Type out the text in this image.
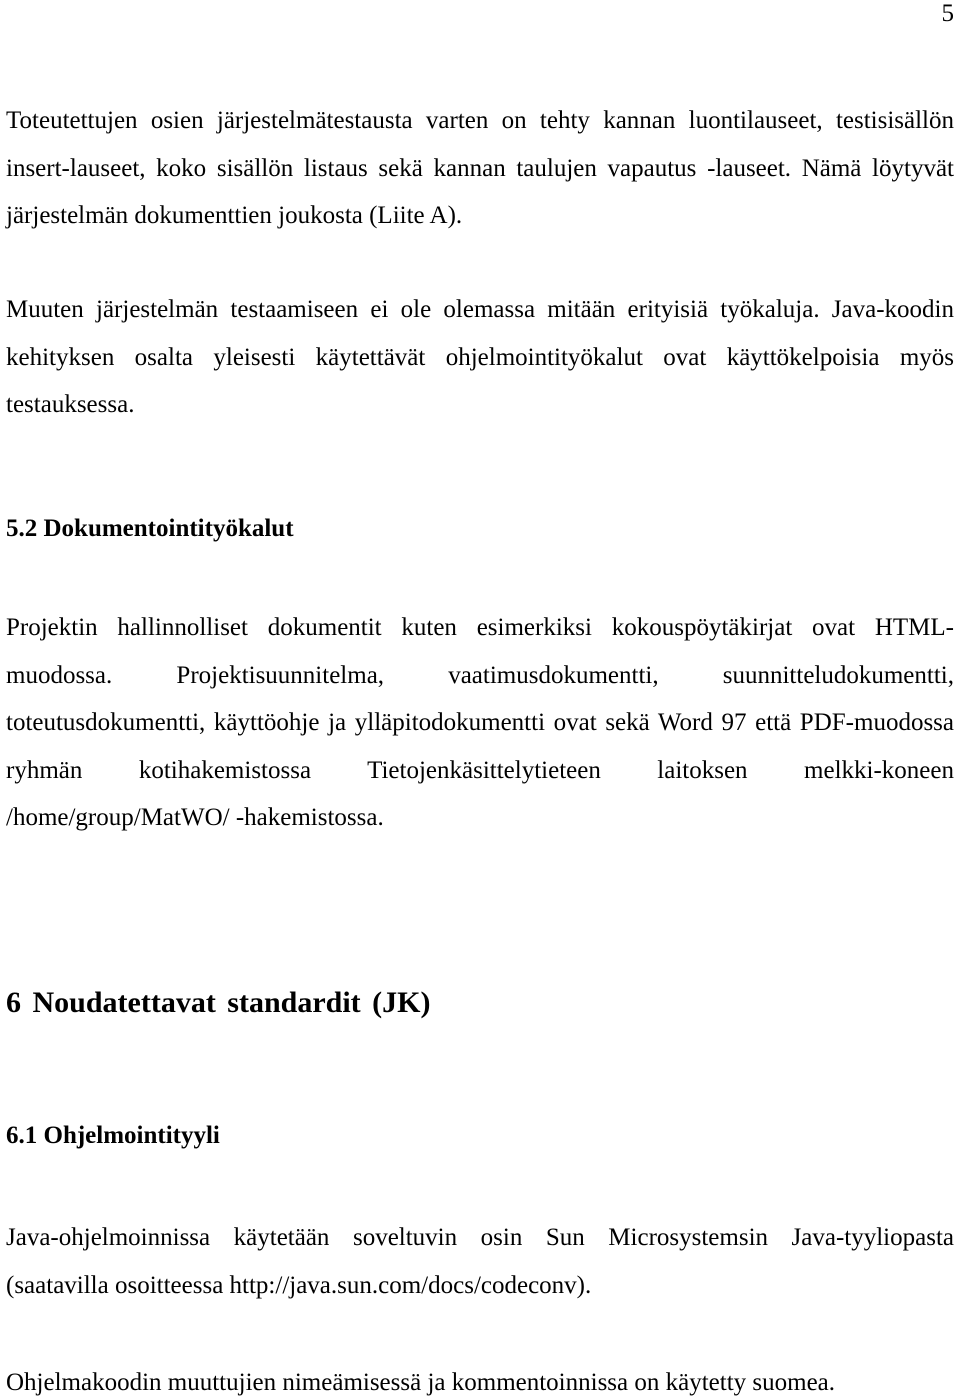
5

Toteutettujen osien järjestelmätestausta varten on tehty kannan luontilauseet, testisisällön insert-lauseet, koko sisällön listaus sekä kannan taulujen vapautus -lauseet. Nämä löytyvät järjestelmän dokumenttien joukosta (Liite A).

Muuten järjestelmän testaamiseen ei ole olemassa mitään erityisiä työkaluja. Java-koodin kehityksen osalta yleisesti käytettävät ohjelmointityökalut ovat käyttökelpoisia myös testauksessa.

5.2 Dokumentointityökalut

Projektin hallinnolliset dokumentit kuten esimerkiksi kokouspöytäkirjat ovat HTML-muodossa. Projektisuunnitelma, vaatimusdokumentti, suunnitteludokumentti, toteutusdokumentti, käyttöohje ja ylläpitodokumentti ovat sekä Word 97 että PDF-muodossa ryhmän kotihakemistossa Tietojenkäsittelytieteen laitoksen melkki-koneen /home/group/MatWO/ -hakemistossa.

6 Noudatettavat standardit (JK)
6.1 Ohjelmointityyli

Java-ohjelmoinnissa käytetään soveltuvin osin Sun Microsystemsin Java-tyyliopasta (saatavilla osoitteessa http://java.sun.com/docs/codeconv).

Ohjelmakoodin muuttujien nimeämisessä ja kommentoinnissa on käytetty suomea.
